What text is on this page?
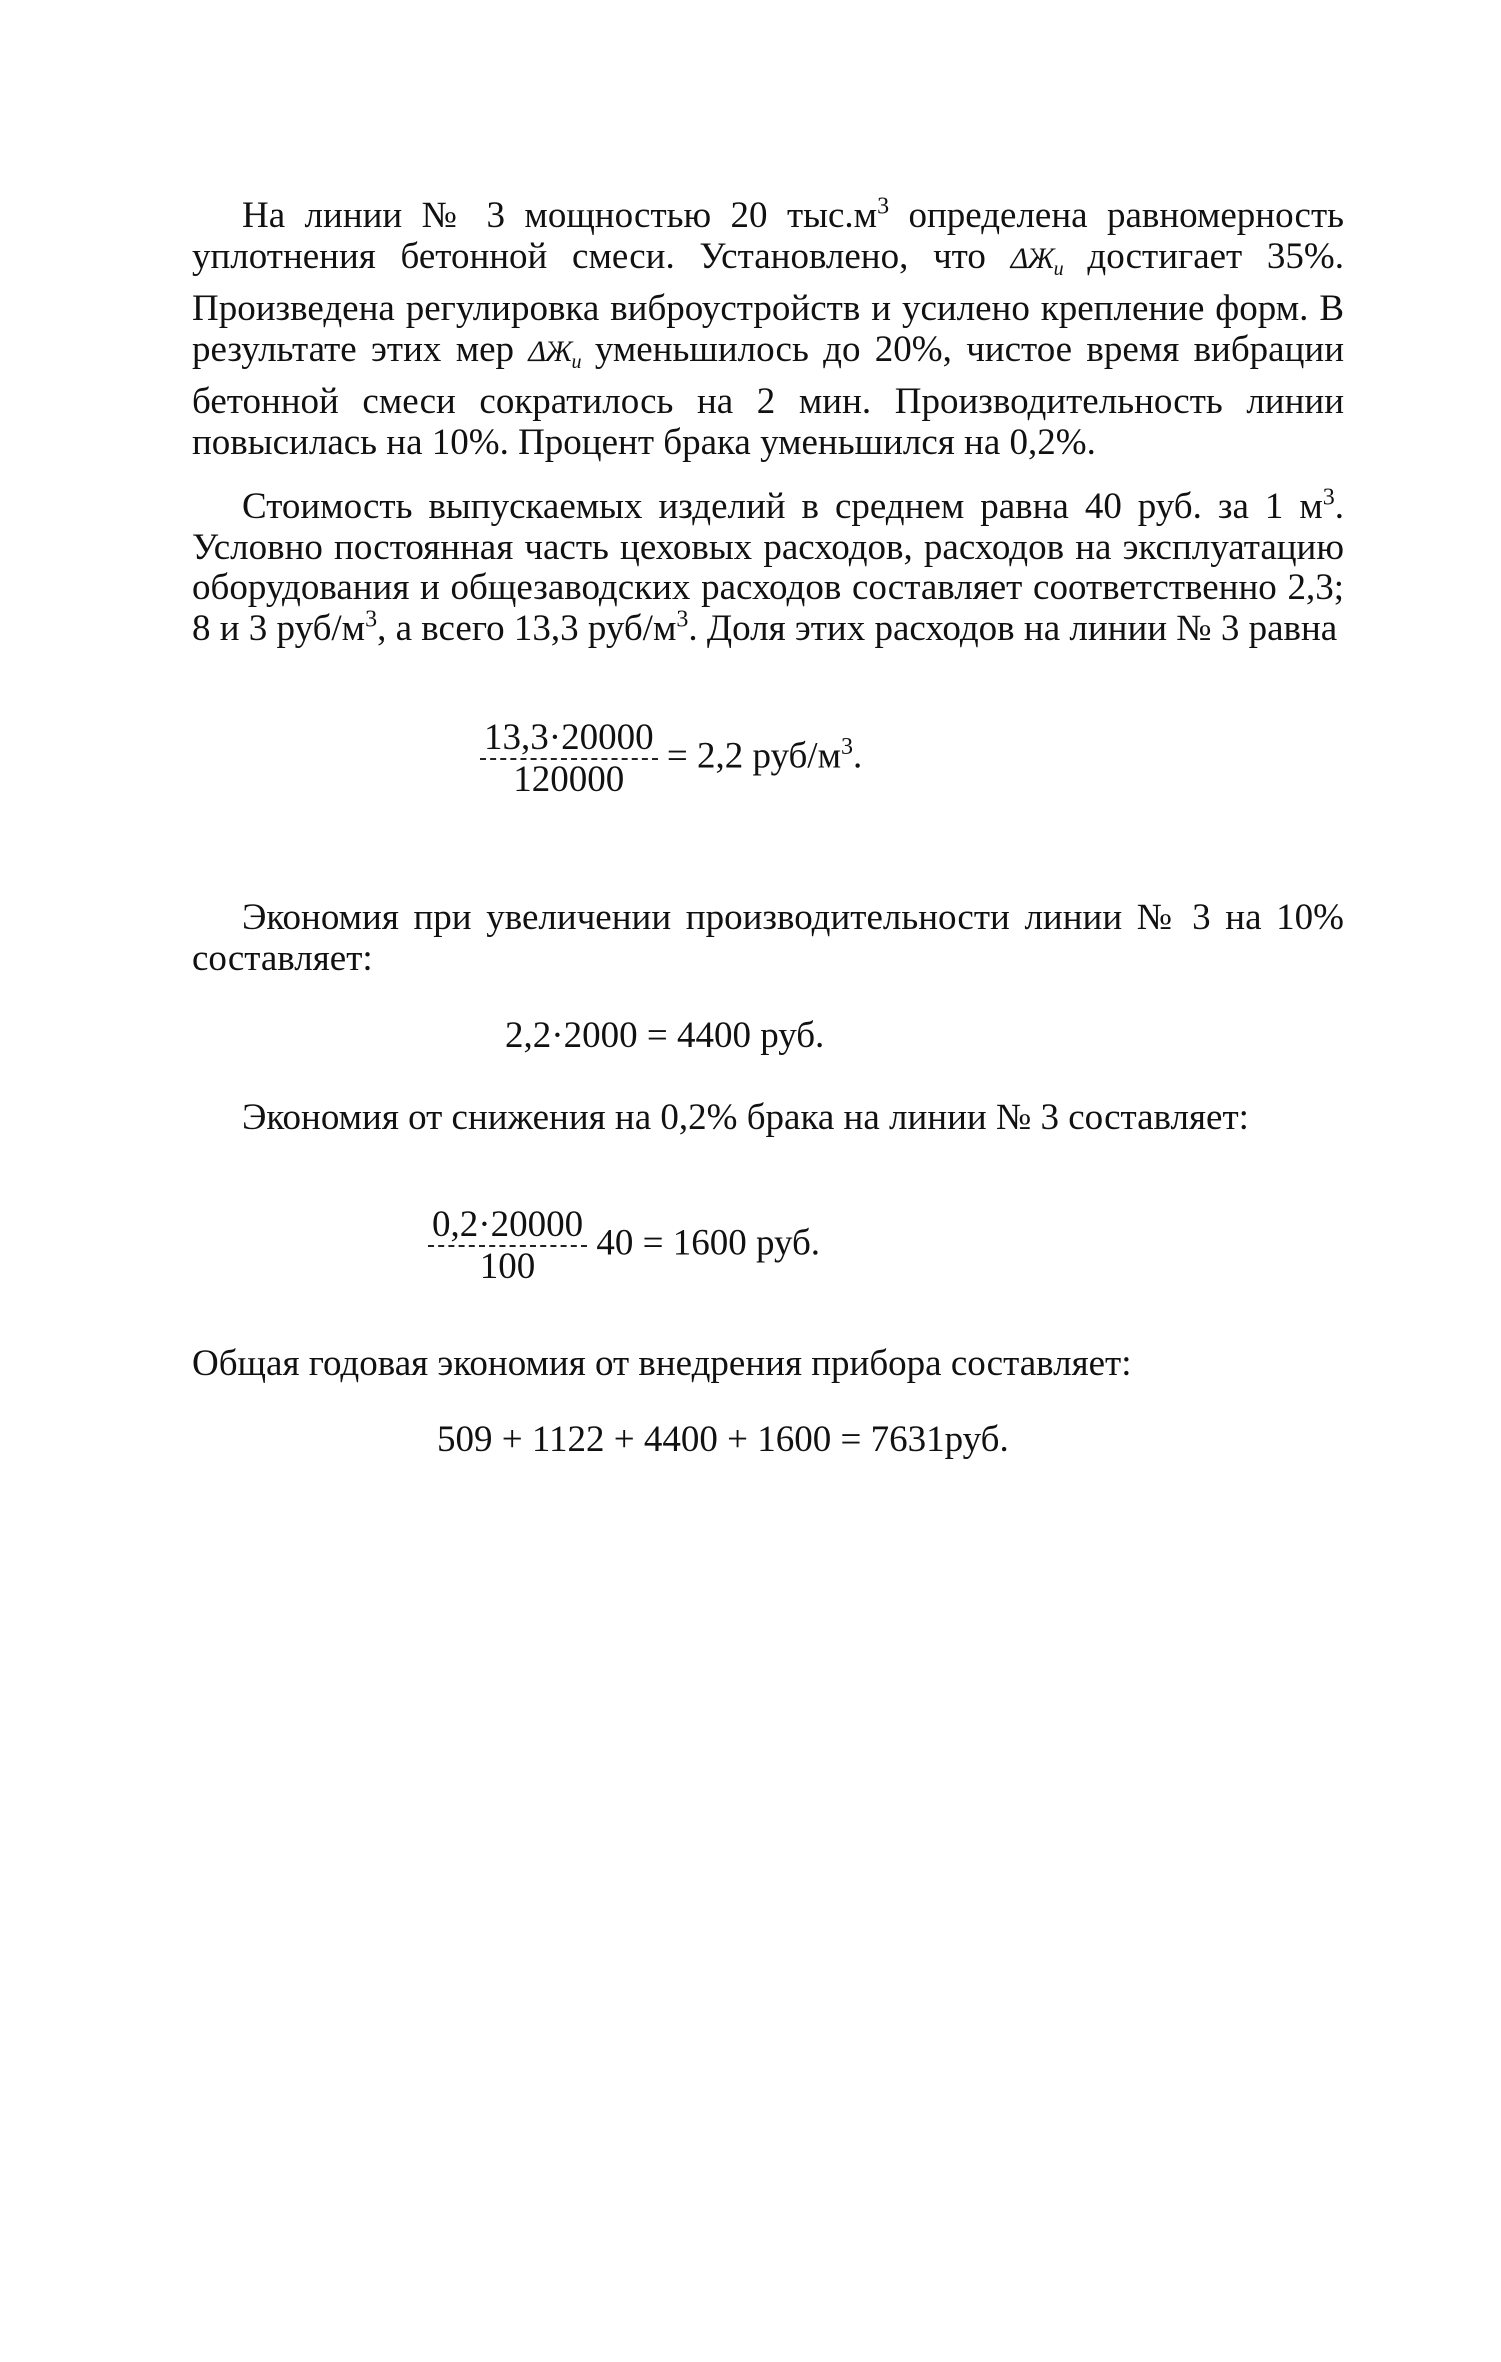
На линии № 3 мощностью 20 $тыс.м^3$ определена равномерность уплотнения бетонной смеси. Установлено, что $\Delta Ж_и$ достигает 35%. Произведена регулировка виброустройств и усилено крепление форм. В результате этих мер $\Delta Ж_и$ уменьшилось до 20%, чистое время вибрации бетонной смеси сократилось на 2 мин. Производительность линии повысилась на 10%. Процент брака уменьшился на 0,2%.

Стоимость выпускаемых изделий в среднем равна 40 руб. за 1 $м^3$. Условно постоянная часть цеховых расходов, расходов на эксплуатацию оборудования и общезаводских расходов составляет соответственно 2,3; 8 и 3 руб/$м^3$, а всего 13,3 руб/$м^3$. Доля этих расходов на линии № 3 равна

$\frac{13,3\cdot 20000}{120000} = 2,2$ руб/$м^3$.

Экономия при увеличении производительности линии № 3 на 10% составляет:

2,2·2000 = 4400 руб.

Экономия от снижения на 0,2% брака на линии № 3 составляет:

$\frac{0,2\cdot 20000}{100} 40 = 1600$ руб.

Общая годовая экономия от внедрения прибора составляет:

509 + 1122 + 4400 + 1600 = 7631руб.
